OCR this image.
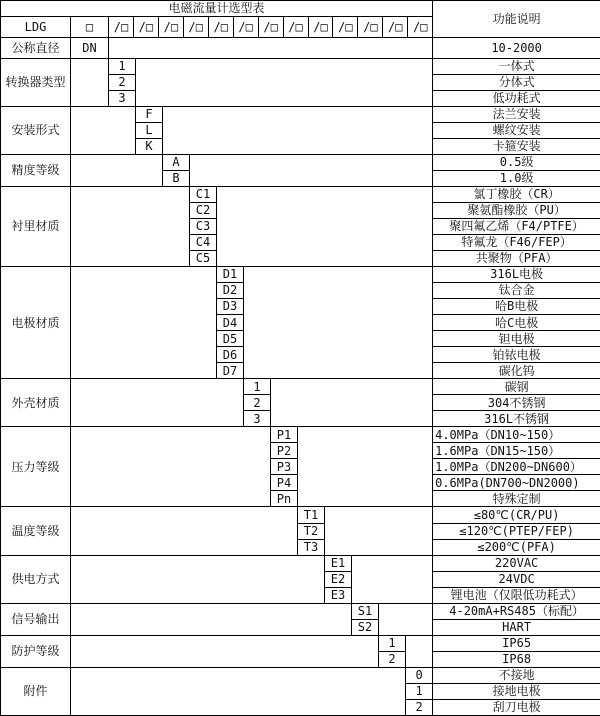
电磁流量计选型表														功能说明
LDG	□	/□ /□ /□ /□ /□ /□ /□ /□ /□ /□ /□ /□ /□

公称直径	DN													10-2000
转换器类型		1												一体式
		2												分体式
		3												低功耗式
安装形式			F											法兰安装
			L											螺纹安装
			K											卡箍安装
精度等级				A										0.5级
				B										1.0级
衬里材质					C1									氯丁橡胶（CR）
					C2									聚氨酯橡胶（PU）
					C3									聚四氟乙烯（F4/PTFE）
					C4									特氟龙（F46/FEP）
					C5									共聚物（PFA）
电极材质						D1								316L电极
						D2								钛合金
						D3								哈B电极
						D4								哈C电极
						D5								钽电极
						D6								铂铱电极
						D7								碳化钨
外壳材质							1							碳钢
							2							304不锈钢
							3							316L不锈钢
压力等级								P1						4.0MPa（DN10~150）
								P2						1.6MPa（DN15~150）
								P3						1.0MPa（DN200~DN600）
								P4						0.6MPa(DN700~DN2000)
								Pn						特殊定制
温度等级									T1					≤80℃(CR/PU)
									T2					≤120℃(PTEP/FEP)
									T3					≤200℃(PFA)
供电方式										E1				220VAC
										E2				24VDC
										E3				锂电池（仅限低功耗式）
信号输出											S1			4-20mA+RS485（标配）
											S2			HART
防护等级												1		IP65
												2		IP68
附件													0	不接地
													1	接地电极
													2	刮刀电极
